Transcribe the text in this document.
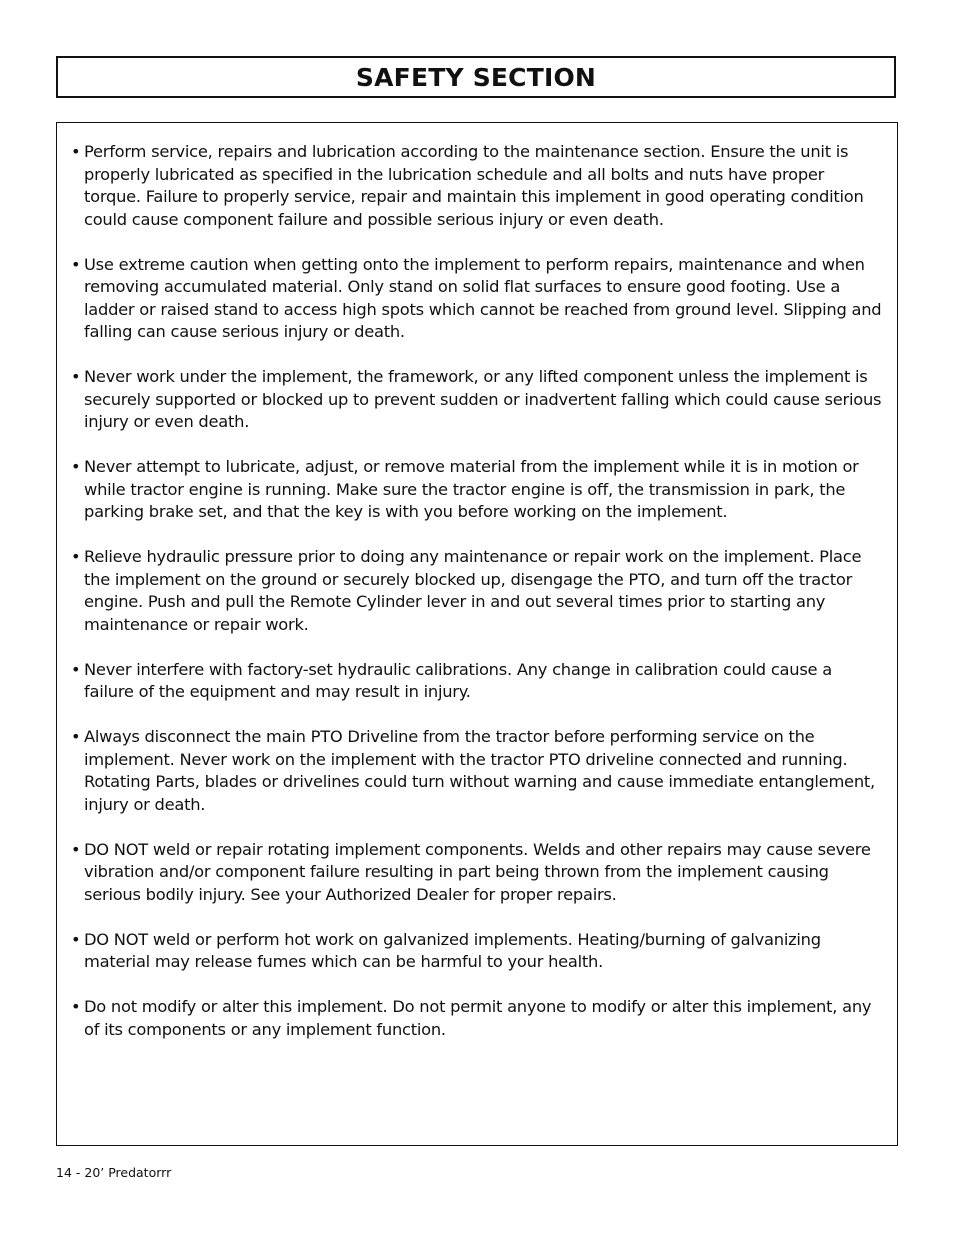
SAFETY SECTION
• Perform service, repairs and lubrication according to the maintenance section. Ensure the unit is properly lubricated as specified in the lubrication schedule and all bolts and nuts have proper torque. Failure to properly service, repair and maintain this implement in good operating condition could cause component failure and possible serious injury or even death.
• Use extreme caution when getting onto the implement to perform repairs, maintenance and when removing accumulated material. Only stand on solid flat surfaces to ensure good footing. Use a ladder or raised stand to access high spots which cannot be reached from ground level. Slipping and falling can cause serious injury or death.
• Never work under the implement, the framework, or any lifted component unless the implement is securely supported or blocked up to prevent sudden or inadvertent falling which could cause serious injury or even death.
• Never attempt to lubricate, adjust, or remove material from the implement while it is in motion or while tractor engine is running. Make sure the tractor engine is off, the transmission in park, the parking brake set, and that the key is with you before working on the implement.
• Relieve hydraulic pressure prior to doing any maintenance or repair work on the implement. Place the implement on the ground or securely blocked up, disengage the PTO, and turn off the tractor engine. Push and pull the Remote Cylinder lever in and out several times prior to starting any maintenance or repair work.
• Never interfere with factory-set hydraulic calibrations. Any change in calibration could cause a failure of the equipment and may result in injury.
• Always disconnect the main PTO Driveline from the tractor before performing service on the implement. Never work on the implement with the tractor PTO driveline connected and running. Rotating Parts, blades or drivelines could turn without warning and cause immediate entanglement, injury or death.
• DO NOT weld or repair rotating implement components. Welds and other repairs may cause severe vibration and/or component failure resulting in part being thrown from the implement causing serious bodily injury. See your Authorized Dealer for proper repairs.
• DO NOT weld or perform hot work on galvanized implements. Heating/burning of galvanizing material may release fumes which can be harmful to your health.
• Do not modify or alter this implement. Do not permit anyone to modify or alter this implement, any of its components or any implement function.
14 - 20’ Predatorrr
